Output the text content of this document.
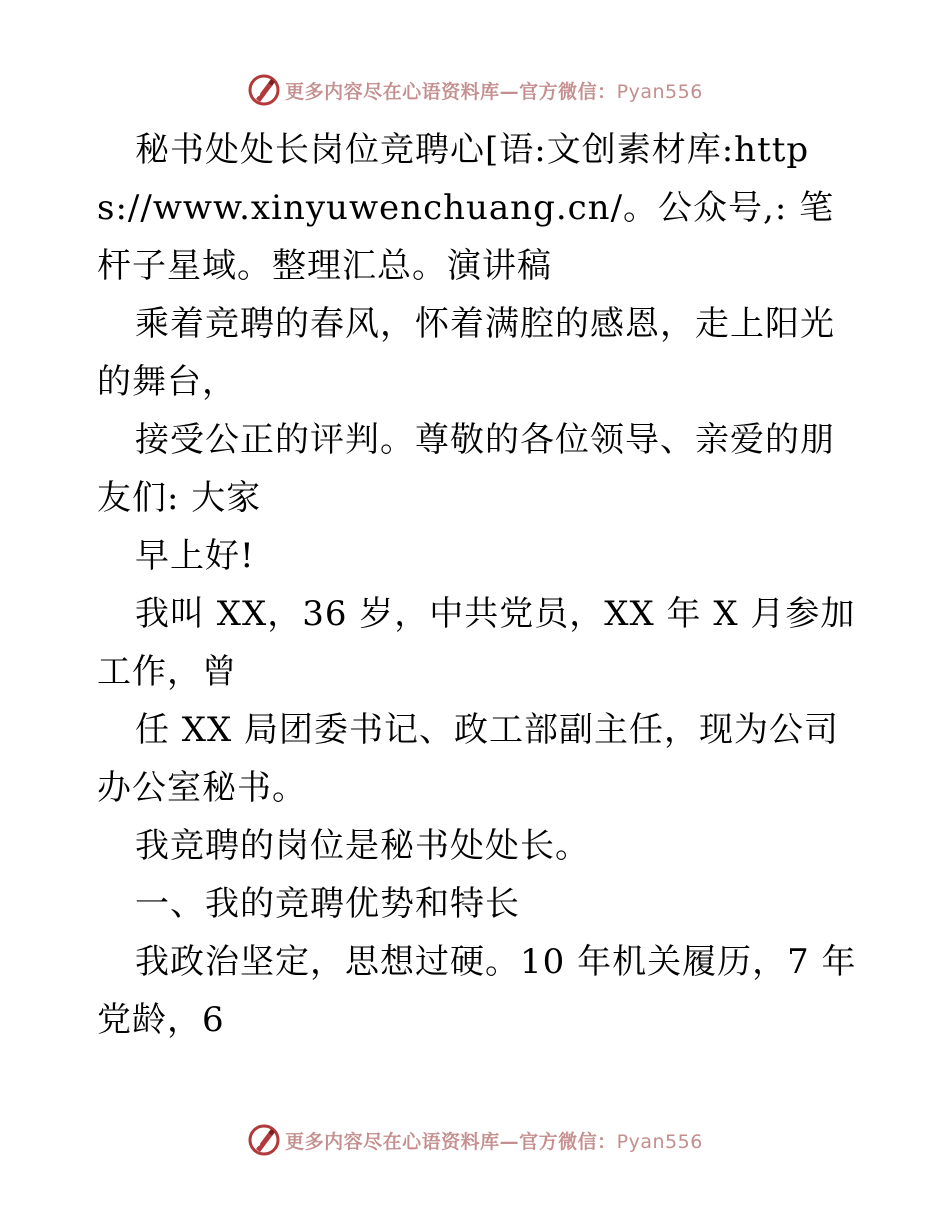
更多内容尽在心语资料库—官方微信：Pyan556

秘书处处长岗位竞聘心[语:文创素材库:https://www.xinyuwenchuang.cn/。公众号,: 笔杆子星域。整理汇总。演讲稿

乘着竞聘的春风，怀着满腔的感恩，走上阳光的舞台，

接受公正的评判。尊敬的各位领导、亲爱的朋友们: 大家

早上好!

我叫 XX，36 岁，中共党员，XX 年 X 月参加工作，曾

任 XX 局团委书记、政工部副主任，现为公司办公室秘书。

我竞聘的岗位是秘书处处长。

一、我的竞聘优势和特长

我政治坚定，思想过硬。10 年机关履历，7 年党龄，6

更多内容尽在心语资料库—官方微信：Pyan556
